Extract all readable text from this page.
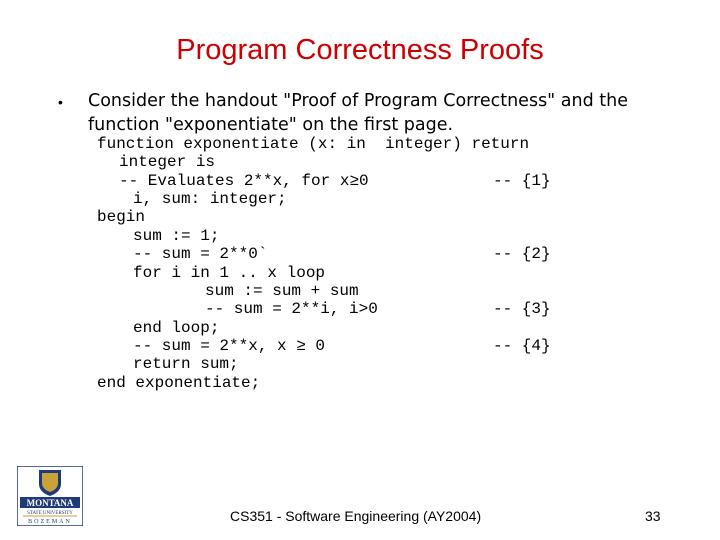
Program Correctness Proofs
• Consider the handout "Proof of Program Correctness" and the
function "exponentiate" on the first page.
function exponentiate (x: in  integer) return
integer is
-- Evaluates 2**x, for x≥0
i, sum: integer;
begin
sum := 1;
-- sum = 2**0`
for i in 1 .. x loop
sum := sum + sum
-- sum = 2**i, i>0
end loop;
-- sum = 2**x, x ≥ 0
return sum;
end exponentiate;
-- {1}
-- {2}
-- {3}
-- {4}
MONTANA
STATE UNIVERSITY
BOZEMAN	CS351 - Software Engineering (AY2004)	33
